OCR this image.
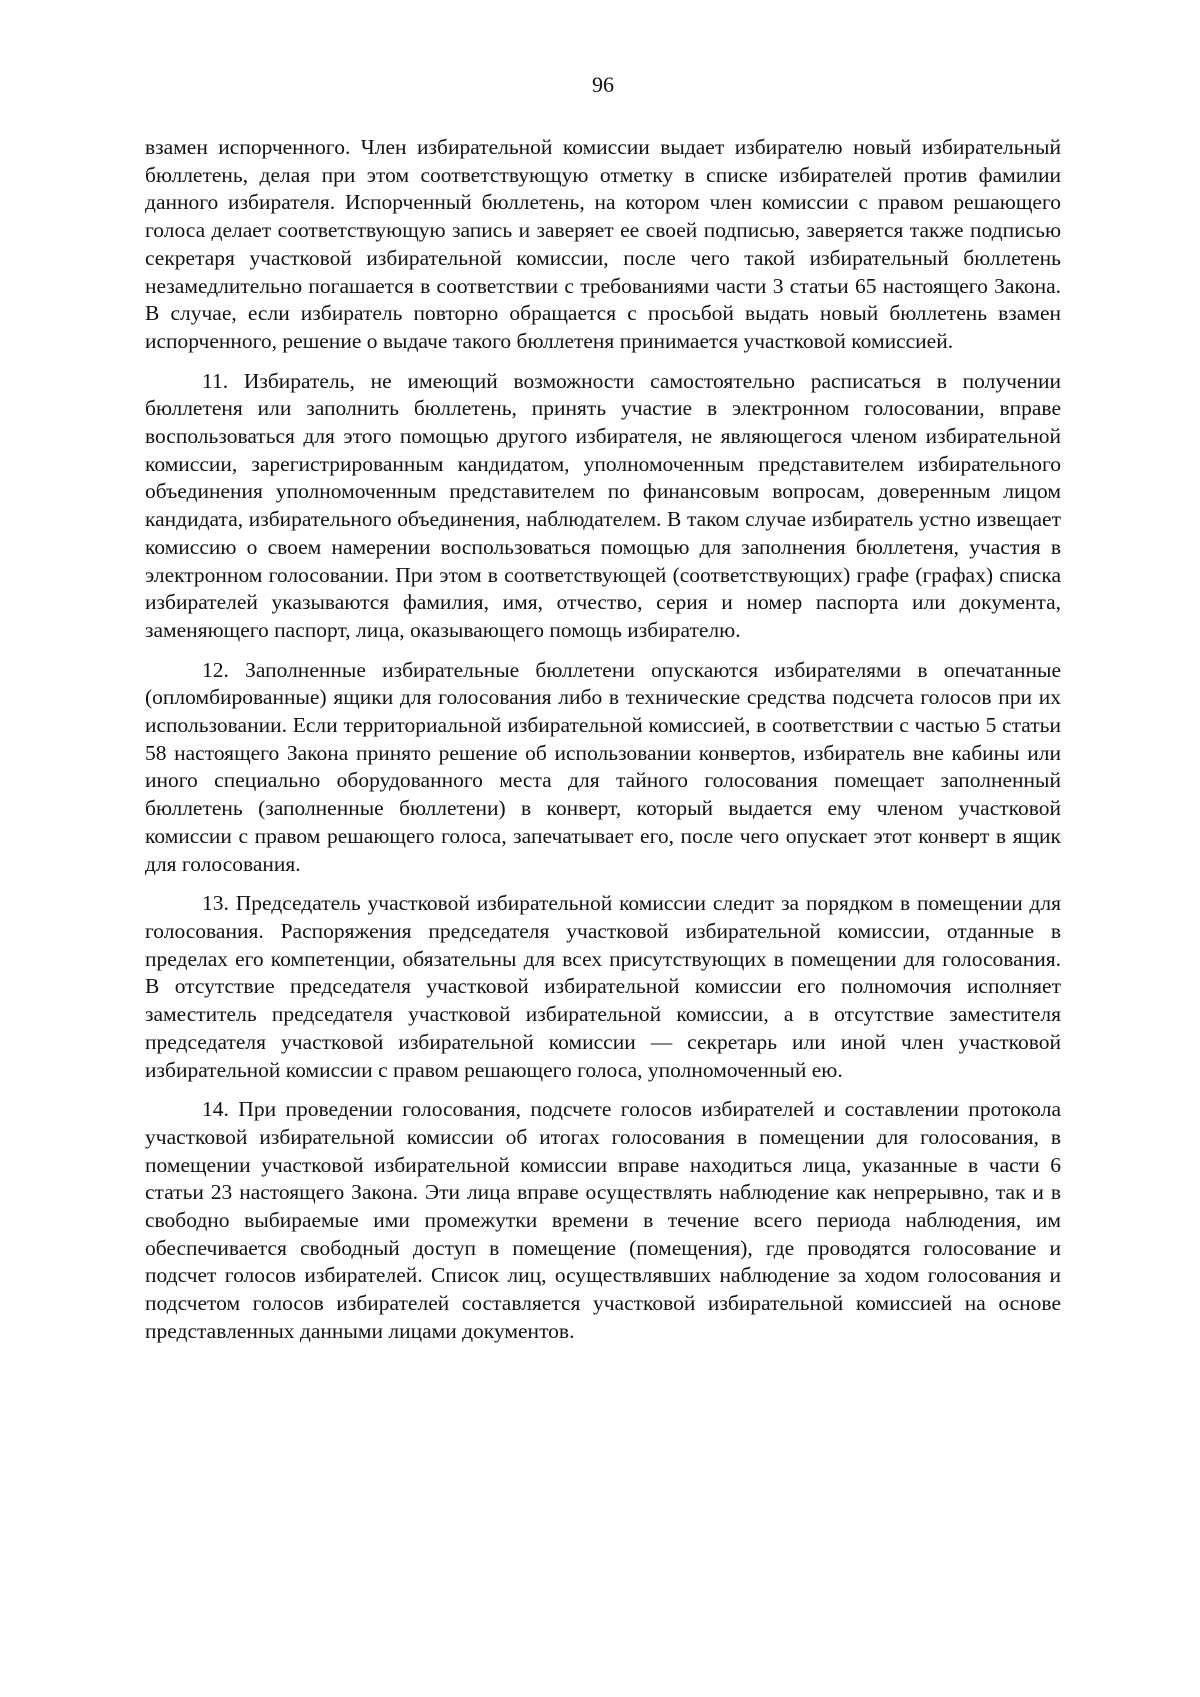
96

взамен испорченного. Член избирательной комиссии выдает избирателю новый избирательный бюллетень, делая при этом соответствующую отметку в списке избирателей против фамилии данного избирателя. Испорченный бюллетень, на котором член комиссии с правом решающего голоса делает соответствующую запись и заверяет ее своей подписью, заверяется также подписью секретаря участковой избирательной комиссии, после чего такой избирательный бюллетень незамедлительно погашается в соответствии с требованиями части 3 статьи 65 настоящего Закона. В случае, если избиратель повторно обращается с просьбой выдать новый бюллетень взамен испорченного, решение о выдаче такого бюллетеня принимается участковой комиссией.

11. Избиратель, не имеющий возможности самостоятельно расписаться в получении бюллетеня или заполнить бюллетень, принять участие в электронном голосовании, вправе воспользоваться для этого помощью другого избирателя, не являющегося членом избирательной комиссии, зарегистрированным кандидатом, уполномоченным представителем избирательного объединения уполномоченным представителем по финансовым вопросам, доверенным лицом кандидата, избирательного объединения, наблюдателем. В таком случае избиратель устно извещает комиссию о своем намерении воспользоваться помощью для заполнения бюллетеня, участия в электронном голосовании. При этом в соответствующей (соответствующих) графе (графах) списка избирателей указываются фамилия, имя, отчество, серия и номер паспорта или документа, заменяющего паспорт, лица, оказывающего помощь избирателю.

12. Заполненные избирательные бюллетени опускаются избирателями в опечатанные (опломбированные) ящики для голосования либо в технические средства подсчета голосов при их использовании. Если территориальной избирательной комиссией, в соответствии с частью 5 статьи 58 настоящего Закона принято решение об использовании конвертов, избиратель вне кабины или иного специально оборудованного места для тайного голосования помещает заполненный бюллетень (заполненные бюллетени) в конверт, который выдается ему членом участковой комиссии с правом решающего голоса, запечатывает его, после чего опускает этот конверт в ящик для голосования.

13. Председатель участковой избирательной комиссии следит за порядком в помещении для голосования. Распоряжения председателя участковой избирательной комиссии, отданные в пределах его компетенции, обязательны для всех присутствующих в помещении для голосования. В отсутствие председателя участковой избирательной комиссии его полномочия исполняет заместитель председателя участковой избирательной комиссии, а в отсутствие заместителя председателя участковой избирательной комиссии — секретарь или иной член участковой избирательной комиссии с правом решающего голоса, уполномоченный ею.

14. При проведении голосования, подсчете голосов избирателей и составлении протокола участковой избирательной комиссии об итогах голосования в помещении для голосования, в помещении участковой избирательной комиссии вправе находиться лица, указанные в части 6 статьи 23 настоящего Закона. Эти лица вправе осуществлять наблюдение как непрерывно, так и в свободно выбираемые ими промежутки времени в течение всего периода наблюдения, им обеспечивается свободный доступ в помещение (помещения), где проводятся голосование и подсчет голосов избирателей. Список лиц, осуществлявших наблюдение за ходом голосования и подсчетом голосов избирателей составляется участковой избирательной комиссией на основе представленных данными лицами документов.
